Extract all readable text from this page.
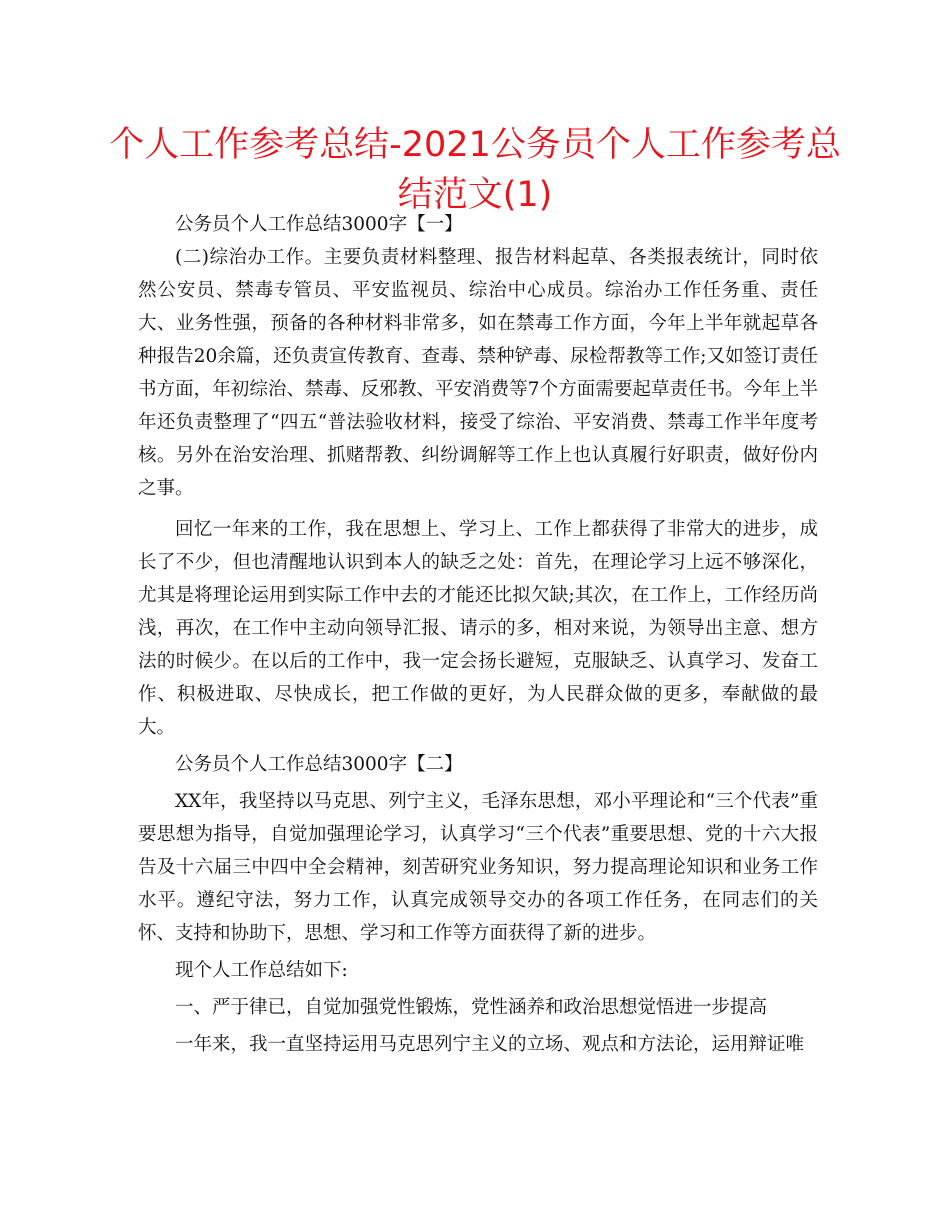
个人工作参考总结-2021公务员个人工作参考总结范文(1)

公务员个人工作总结3000字【一】

(二)综治办工作。主要负责材料整理、报告材料起草、各类报表统计，同时依然公安员、禁毒专管员、平安监视员、综治中心成员。综治办工作任务重、责任大、业务性强，预备的各种材料非常多，如在禁毒工作方面，今年上半年就起草各种报告20余篇，还负责宣传教育、查毒、禁种铲毒、尿检帮教等工作;又如签订责任书方面，年初综治、禁毒、反邪教、平安消费等7个方面需要起草责任书。今年上半年还负责整理了“四五“普法验收材料，接受了综治、平安消费、禁毒工作半年度考核。另外在治安治理、抓赌帮教、纠纷调解等工作上也认真履行好职责，做好份内之事。

回忆一年来的工作，我在思想上、学习上、工作上都获得了非常大的进步，成长了不少，但也清醒地认识到本人的缺乏之处：首先，在理论学习上远不够深化，尤其是将理论运用到实际工作中去的才能还比拟欠缺;其次，在工作上，工作经历尚浅，再次，在工作中主动向领导汇报、请示的多，相对来说，为领导出主意、想方法的时候少。在以后的工作中，我一定会扬长避短，克服缺乏、认真学习、发奋工作、积极进取、尽快成长，把工作做的更好，为人民群众做的更多，奉献做的最大。

公务员个人工作总结3000字【二】

XX年，我坚持以马克思、列宁主义，毛泽东思想，邓小平理论和“三个代表”重要思想为指导，自觉加强理论学习，认真学习“三个代表”重要思想、党的十六大报告及十六届三中四中全会精神，刻苦研究业务知识，努力提高理论知识和业务工作水平。遵纪守法，努力工作，认真完成领导交办的各项工作任务，在同志们的关怀、支持和协助下，思想、学习和工作等方面获得了新的进步。

现个人工作总结如下:

一、严于律已，自觉加强党性锻炼，党性涵养和政治思想觉悟进一步提高

一年来，我一直坚持运用马克思列宁主义的立场、观点和方法论，运用辩证唯
